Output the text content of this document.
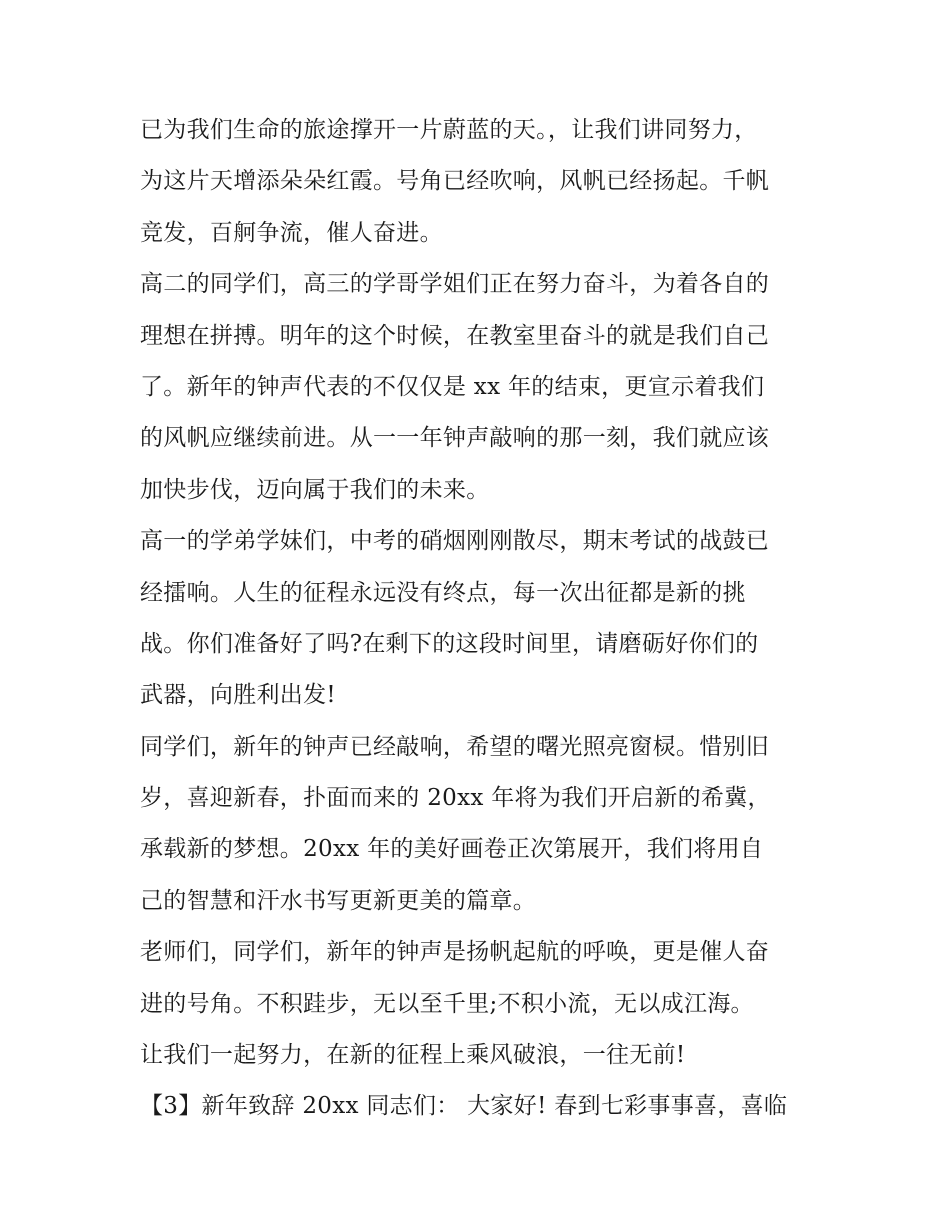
已为我们生命的旅途撑开一片蔚蓝的天。，让我们讲同努力，
为这片天增添朵朵红霞。号角已经吹响，风帆已经扬起。千帆
竞发，百舸争流，催人奋进。
高二的同学们，高三的学哥学姐们正在努力奋斗，为着各自的
理想在拼搏。明年的这个时候，在教室里奋斗的就是我们自己
了。新年的钟声代表的不仅仅是 xx 年的结束，更宣示着我们
的风帆应继续前进。从一一年钟声敲响的那一刻，我们就应该
加快步伐，迈向属于我们的未来。
高一的学弟学妹们，中考的硝烟刚刚散尽，期末考试的战鼓已
经擂响。人生的征程永远没有终点，每一次出征都是新的挑
战。你们准备好了吗?在剩下的这段时间里，请磨砺好你们的
武器，向胜利出发!
同学们，新年的钟声已经敲响，希望的曙光照亮窗棂。惜别旧
岁，喜迎新春，扑面而来的 20xx 年将为我们开启新的希冀，
承载新的梦想。20xx 年的美好画卷正次第展开，我们将用自
己的智慧和汗水书写更新更美的篇章。
老师们，同学们，新年的钟声是扬帆起航的呼唤，更是催人奋
进的号角。不积跬步，无以至千里;不积小流，无以成江海。
让我们一起努力，在新的征程上乘风破浪，一往无前!
【3】新年致辞 20xx 同志们： 大家好! 春到七彩事事喜，喜临
